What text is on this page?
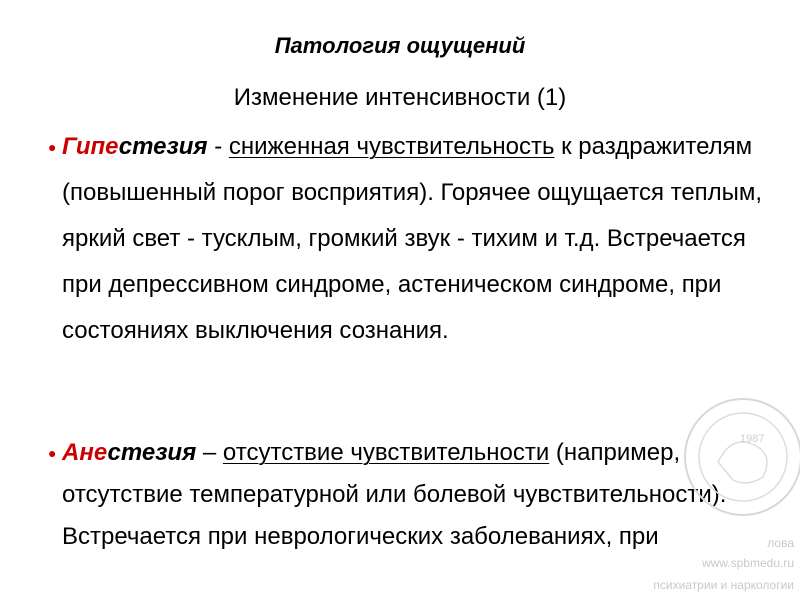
Патология ощущений
Изменение интенсивности (1)
● Гипестезия - сниженная чувствительность к раздражителям (повышенный порог восприятия). Горячее ощущается теплым, яркий свет - тусклым, громкий звук - тихим и т.д. Встречается при депрессивном синдроме, астеническом синдроме, при состояниях выключения сознания.
● Анестезия – отсутствие чувствительности (например, отсутствие температурной или болевой чувствительности). Встречается при неврологических заболеваниях, при
1987
лова
www.spbmedu.ru
психиатрии и наркологии
